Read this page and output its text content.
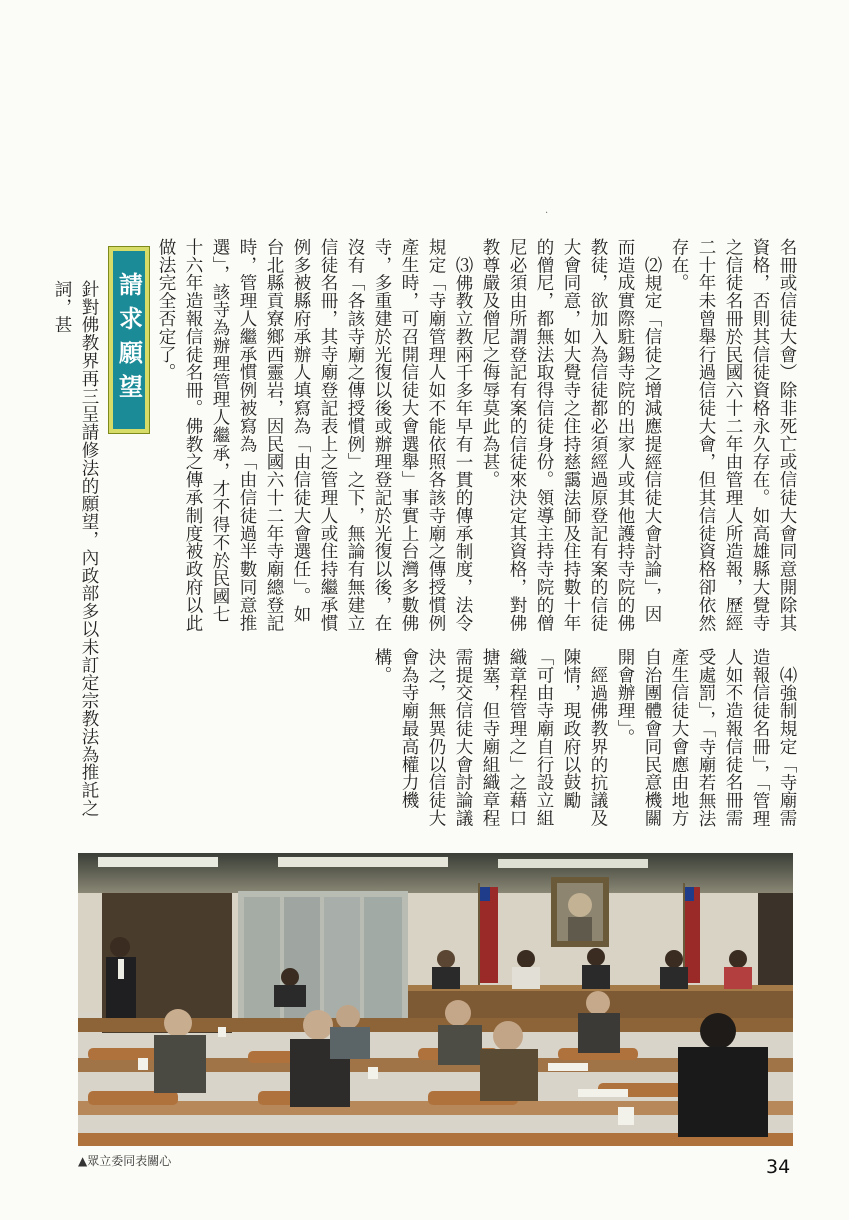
名冊或信徒大會）除非死亡或信徒大會同意開除其資格，否則其信徒資格永久存在。如高雄縣大覺寺之信徒名冊於民國六十二年由管理人所造報，歷經二十年未曾舉行過信徒大會，但其信徒資格卻依然存在。

⑵規定「信徒之增減應提經信徒大會討論」，因而造成實際駐錫寺院的出家人或其他護持寺院的佛教徒，欲加入為信徒都必須經過原登記有案的信徒大會同意，如大覺寺之住持慈靄法師及住持數十年的僧尼，都無法取得信徒身份。領導主持寺院的僧尼必須由所謂登記有案的信徒來決定其資格，對佛教尊嚴及僧尼之侮辱莫此為甚。

⑶佛教立教兩千多年早有一貫的傳承制度，法令規定「寺廟管理人如不能依照各該寺廟之傳授慣例產生時，可召開信徒大會選舉」事實上台灣多數佛寺，多重建於光復以後或辦理登記於光復以後，在沒有「各該寺廟之傳授慣例」之下，無論有無建立信徒名冊，其寺廟登記表上之管理人或住持繼承慣例多被縣府承辦人填寫為「由信徒大會選任」。如台北縣貢寮鄉西靈岩，因民國六十二年寺廟總登記時，管理人繼承慣例被寫為「由信徒過半數同意推選」，該寺為辦理管理人繼承，才不得不於民國七十六年造報信徒名冊。佛教之傳承制度被政府以此做法完全否定了。

⑷強制規定「寺廟需造報信徒名冊」，「管理人如不造報信徒名冊需受處罰」，「寺廟若無法產生信徒大會應由地方自治團體會同民意機關開會辦理」。

經過佛教界的抗議及陳情，現政府以鼓勵「可由寺廟自行設立組織章程管理之」之藉口搪塞，但寺廟組織章程需提交信徒大會討論議決之，無異仍以信徒大會為寺廟最高權力機構。

·
請求願望
針對佛教界再三呈請修法的願望，內政部多以未訂定宗教法為推託之詞，甚
▲眾立委同表關心	34
